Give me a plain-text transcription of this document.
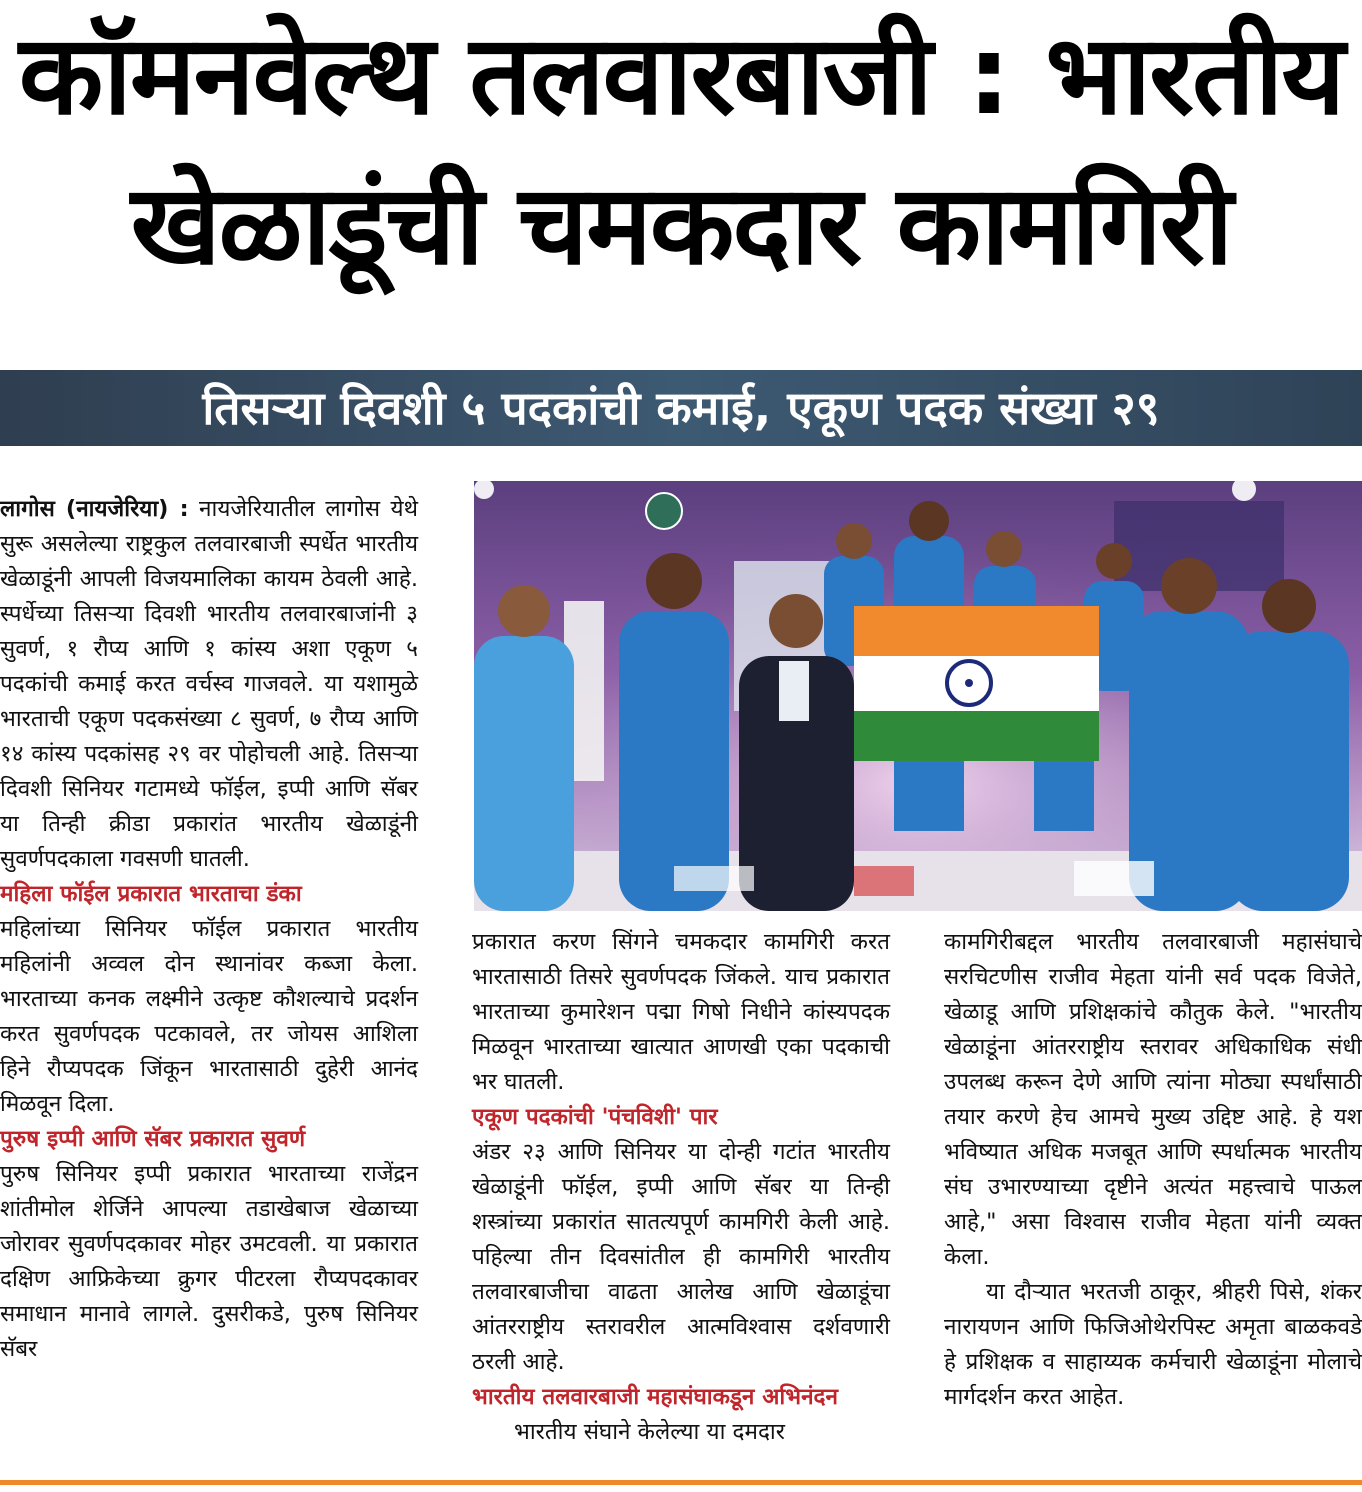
कॉमनवेल्थ तलवारबाजी : भारतीय
खेळाडूंची चमकदार कामगिरी
तिसऱ्या दिवशी ५ पदकांची कमाई, एकूण पदक संख्या २९

लागोस (नायजेरिया) : नायजेरियातील लागोस येथे सुरू असलेल्या राष्ट्रकुल तलवारबाजी स्पर्धेत भारतीय खेळाडूंनी आपली विजयमालिका कायम ठेवली आहे. स्पर्धेच्या तिसऱ्या दिवशी भारतीय तलवारबाजांनी ३ सुवर्ण, १ रौप्य आणि १ कांस्य अशा एकूण ५ पदकांची कमाई करत वर्चस्व गाजवले. या यशामुळे भारताची एकूण पदकसंख्या ८ सुवर्ण, ७ रौप्य आणि १४ कांस्य पदकांसह २९ वर पोहोचली आहे. तिसऱ्या दिवशी सिनियर गटामध्ये फॉईल, इप्पी आणि सॅबर या तिन्ही क्रीडा प्रकारांत भारतीय खेळाडूंनी सुवर्णपदकाला गवसणी घातली.

महिला फॉईल प्रकारात भारताचा डंका

महिलांच्या सिनियर फॉईल प्रकारात भारतीय महिलांनी अव्वल दोन स्थानांवर कब्जा केला. भारताच्या कनक लक्ष्मीने उत्कृष्ट कौशल्याचे प्रदर्शन करत सुवर्णपदक पटकावले, तर जोयस आशिला हिने रौप्यपदक जिंकून भारतासाठी दुहेरी आनंद मिळवून दिला.

पुरुष इप्पी आणि सॅबर प्रकारात सुवर्ण

पुरुष सिनियर इप्पी प्रकारात भारताच्या राजेंद्रन शांतीमोल शेर्जिने आपल्या तडाखेबाज खेळाच्या जोरावर सुवर्णपदकावर मोहर उमटवली. या प्रकारात दक्षिण आफ्रिकेच्या क्रुगर पीटरला रौप्यपदकावर समाधान मानावे लागले. दुसरीकडे, पुरुष सिनियर सॅबर

प्रकारात करण सिंगने चमकदार कामगिरी करत भारतासाठी तिसरे सुवर्णपदक जिंकले. याच प्रकारात भारताच्या कुमारेशन पद्मा गिषो निधीने कांस्यपदक मिळवून भारताच्या खात्यात आणखी एका पदकाची भर घातली.

एकूण पदकांची 'पंचविशी' पार

अंडर २३ आणि सिनियर या दोन्ही गटांत भारतीय खेळाडूंनी फॉईल, इप्पी आणि सॅबर या तिन्ही शस्त्रांच्या प्रकारांत सातत्यपूर्ण कामगिरी केली आहे. पहिल्या तीन दिवसांतील ही कामगिरी भारतीय तलवारबाजीचा वाढता आलेख आणि खेळाडूंचा आंतरराष्ट्रीय स्तरावरील आत्मविश्वास दर्शवणारी ठरली आहे.

भारतीय तलवारबाजी महासंघाकडून अभिनंदन

भारतीय संघाने केलेल्या या दमदार

कामगिरीबद्दल भारतीय तलवारबाजी महासंघाचे सरचिटणीस राजीव मेहता यांनी सर्व पदक विजेते, खेळाडू आणि प्रशिक्षकांचे कौतुक केले. "भारतीय खेळाडूंना आंतरराष्ट्रीय स्तरावर अधिकाधिक संधी उपलब्ध करून देणे आणि त्यांना मोठ्या स्पर्धांसाठी तयार करणे हेच आमचे मुख्य उद्दिष्ट आहे. हे यश भविष्यात अधिक मजबूत आणि स्पर्धात्मक भारतीय संघ उभारण्याच्या दृष्टीने अत्यंत महत्त्वाचे पाऊल आहे," असा विश्वास राजीव मेहता यांनी व्यक्त केला.

या दौऱ्यात भरतजी ठाकूर, श्रीहरी पिसे, शंकर नारायणन आणि फिजिओथेरपिस्ट अमृता बाळकवडे हे प्रशिक्षक व साहाय्यक कर्मचारी खेळाडूंना मोलाचे मार्गदर्शन करत आहेत.
